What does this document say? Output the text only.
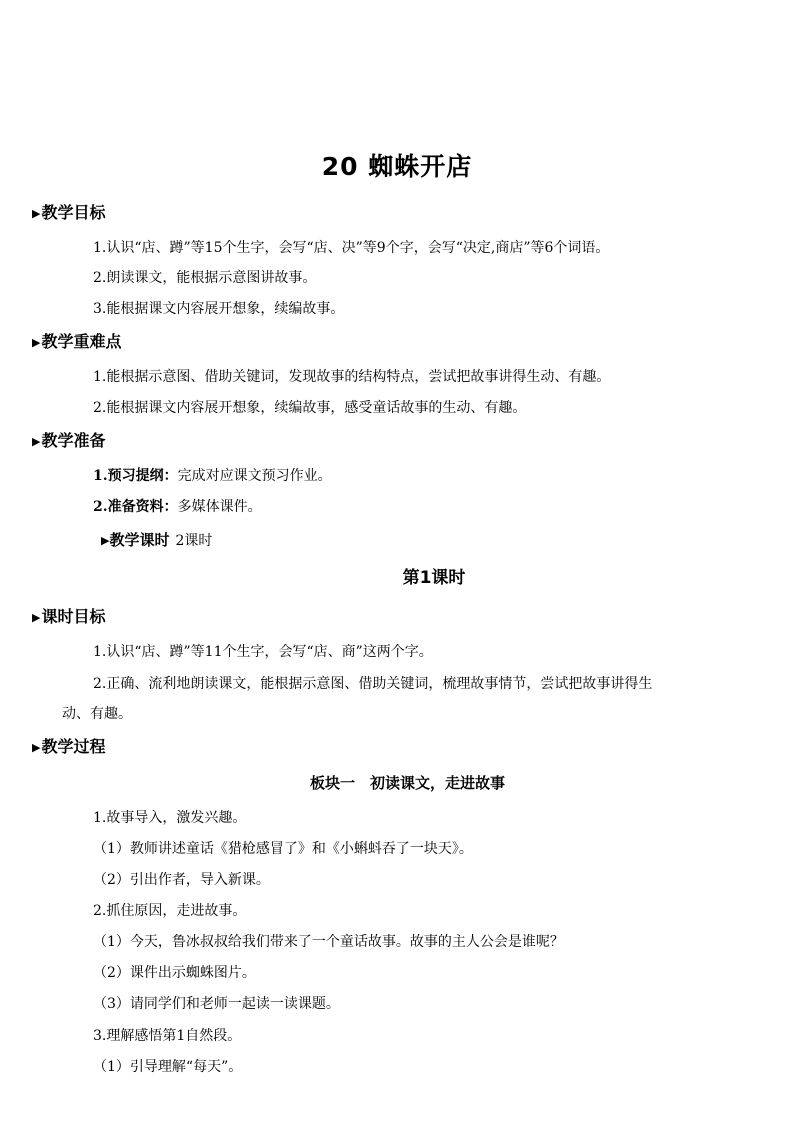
20 蜘蛛开店
▶教学目标
1.认识“店、蹲”等15个生字，会写“店、决”等9个字，会写“决定,商店”等6个词语。
2.朗读课文，能根据示意图讲故事。
3.能根据课文内容展开想象，续编故事。
▶教学重难点
1.能根据示意图、借助关键词，发现故事的结构特点，尝试把故事讲得生动、有趣。
2.能根据课文内容展开想象，续编故事，感受童话故事的生动、有趣。
▶教学准备
1.预习提纲：完成对应课文预习作业。
2.准备资料：多媒体课件。
▶教学课时 2课时
第1课时
▶课时目标
1.认识“店、蹲”等11个生字，会写“店、商”这两个字。
2.正确、流利地朗读课文，能根据示意图、借助关键词，梳理故事情节，尝试把故事讲得生
动、有趣。
▶教学过程
板块一　初读课文，走进故事
1.故事导入，激发兴趣。
（1）教师讲述童话《猎枪感冒了》和《小蝌蚪吞了一块天》。
（2）引出作者，导入新课。
2.抓住原因，走进故事。
（1）今天，鲁冰叔叔给我们带来了一个童话故事。故事的主人公会是谁呢？
（2）课件出示蜘蛛图片。
（3）请同学们和老师一起读一读课题。
3.理解感悟第1自然段。
（1）引导理解“每天”。
